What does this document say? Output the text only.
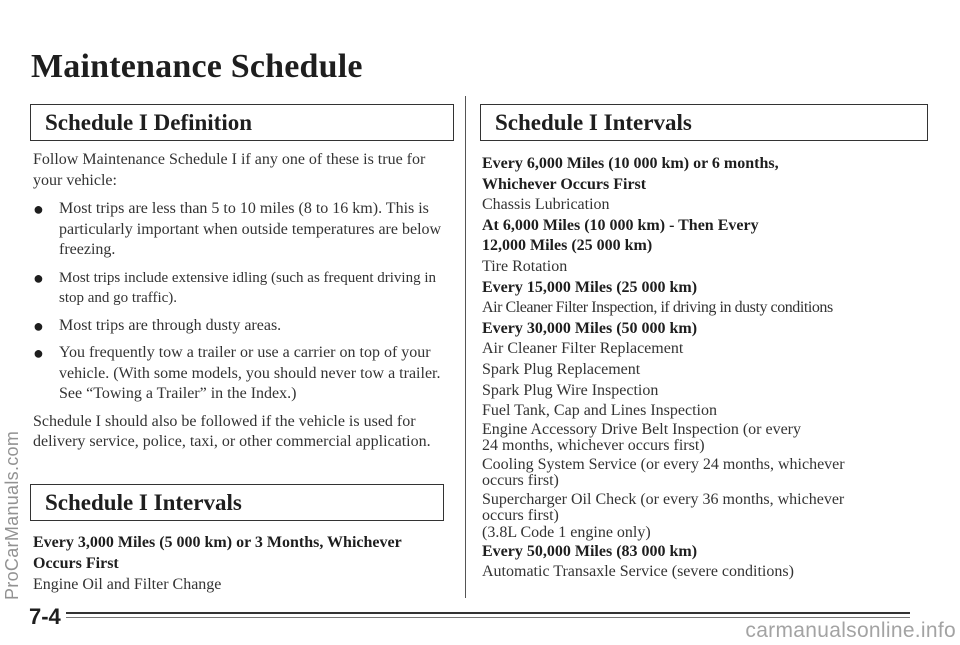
Maintenance Schedule
Schedule I Definition

Follow Maintenance Schedule I if any one of these is true for your vehicle:

● Most trips are less than 5 to 10 miles (8 to 16 km). This is particularly important when outside temperatures are below freezing.
● Most trips include extensive idling (such as frequent driving in stop and go traffic).
● Most trips are through dusty areas.
● You frequently tow a trailer or use a carrier on top of your vehicle. (With some models, you should never tow a trailer. See “Towing a Trailer” in the Index.)

Schedule I should also be followed if the vehicle is used for delivery service, police, taxi, or other commercial application.

Schedule I Intervals
Every 3,000 Miles (5 000 km) or 3 Months, Whichever Occurs First
Engine Oil and Filter Change
Schedule I Intervals
Every 6,000 Miles (10 000 km) or 6 months,
Whichever Occurs First
Chassis Lubrication
At 6,000 Miles (10 000 km) - Then Every
12,000 Miles (25 000 km)
Tire Rotation
Every 15,000 Miles (25 000 km)
Air Cleaner Filter Inspection, if driving in dusty conditions
Every 30,000 Miles (50 000 km)
Air Cleaner Filter Replacement
Spark Plug Replacement
Spark Plug Wire Inspection
Fuel Tank, Cap and Lines Inspection
Engine Accessory Drive Belt Inspection (or every
24 months, whichever occurs first)
Cooling System Service (or every 24 months, whichever
occurs first)
Supercharger Oil Check (or every 36 months, whichever
occurs first)
(3.8L Code 1 engine only)
Every 50,000 Miles (83 000 km)
Automatic Transaxle Service (severe conditions)
7-4
ProCarManuals.com
carmanualsonline.info
